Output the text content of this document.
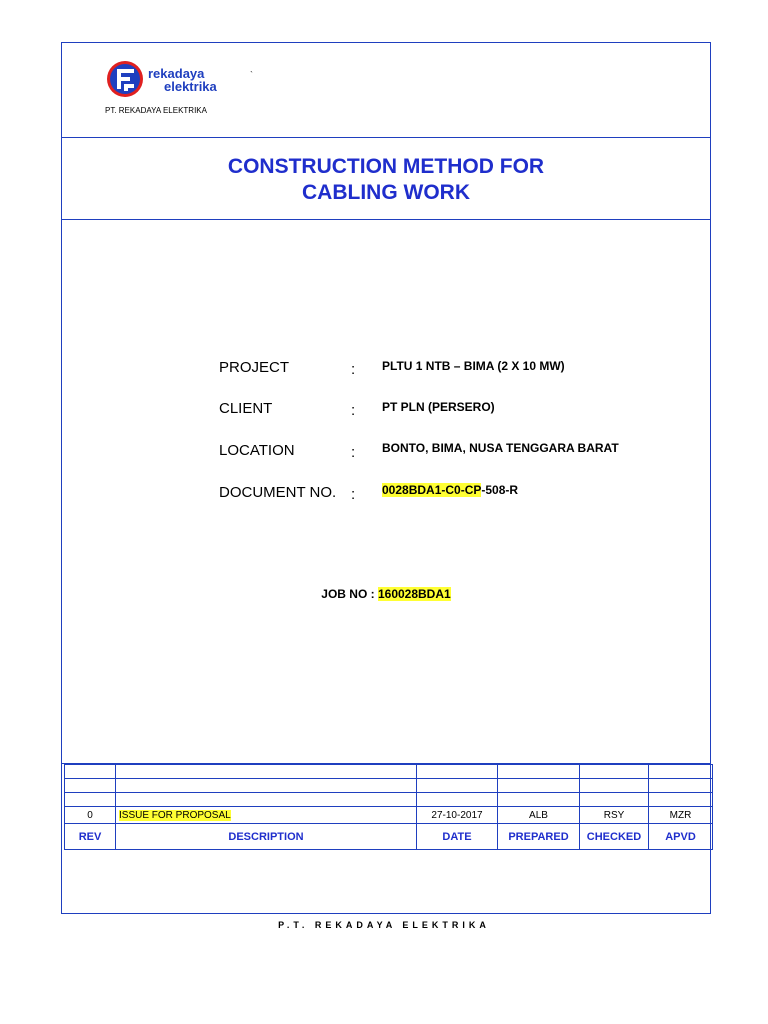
rekadaya
elektrika
`
PT. REKADAYA ELEKTRIKA
CONSTRUCTION METHOD FOR
CABLING WORK
PROJECT	: PLTU 1 NTB – BIMA (2 X 10 MW)
CLIENT	: PT PLN (PERSERO)
LOCATION	: BONTO, BIMA, NUSA TENGGARA BARAT
DOCUMENT NO. : 0028BDA1-C0-CP-508-R
JOB NO : 160028BDA1

0	ISSUE FOR PROPOSAL	27-10-2017	ALB	RSY	MZR
REV	DESCRIPTION	DATE	PREPARED	CHECKED	APVD
P.T. REKADAYA ELEKTRIKA
